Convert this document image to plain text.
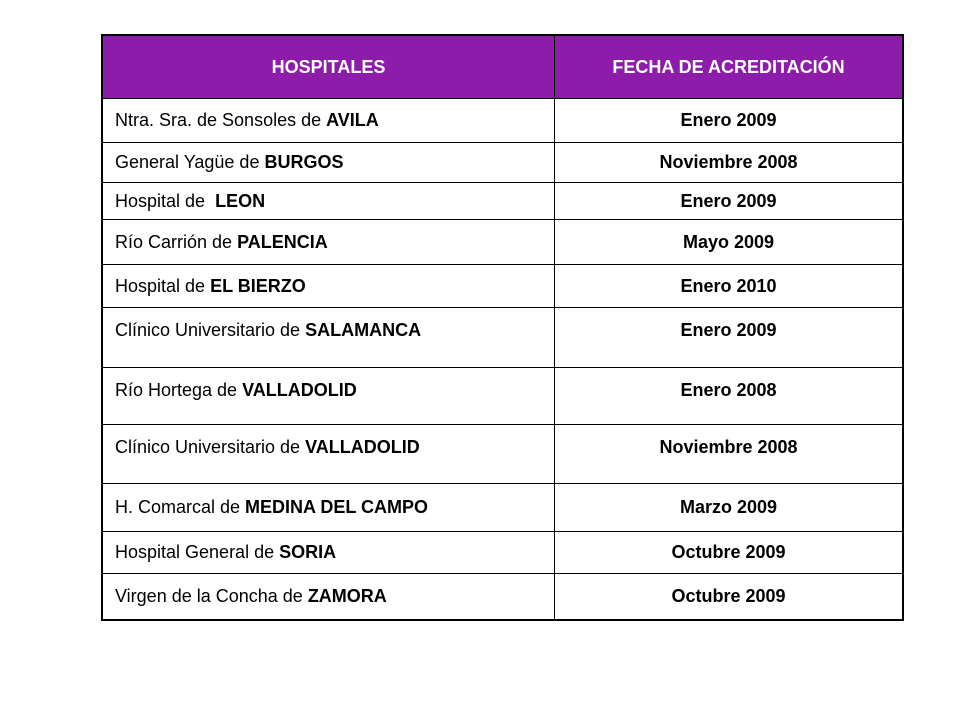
HOSPITALES	FECHA DE ACREDITACIÓN
Ntra. Sra. de Sonsoles de AVILA	Enero 2009
General Yagüe de BURGOS	Noviembre 2008
Hospital de LEON	Enero 2009
Río Carrión de PALENCIA	Mayo 2009
Hospital de EL BIERZO	Enero 2010
Clínico Universitario de SALAMANCA	Enero 2009
Río Hortega de VALLADOLID	Enero 2008
Clínico Universitario de VALLADOLID	Noviembre 2008
H. Comarcal de MEDINA DEL CAMPO	Marzo 2009
Hospital General de SORIA	Octubre 2009
Virgen de la Concha de ZAMORA	Octubre 2009
